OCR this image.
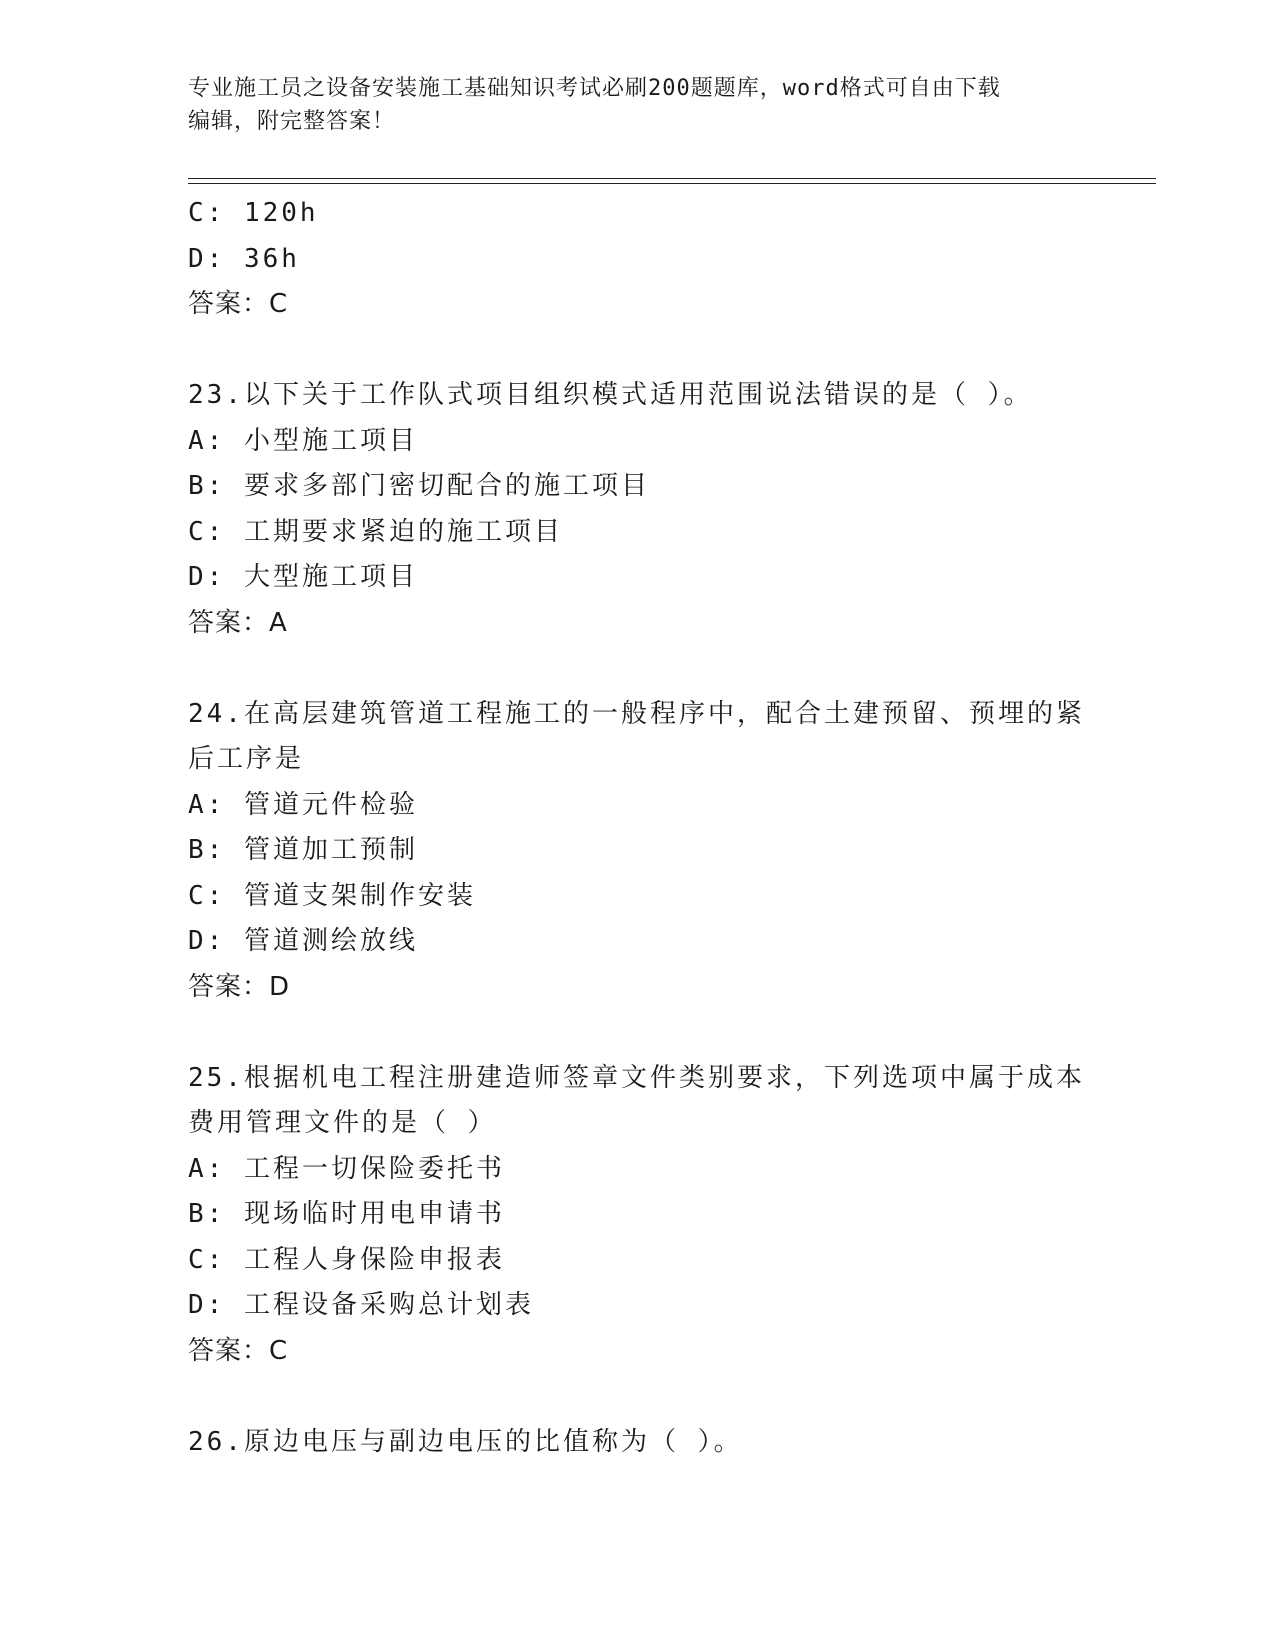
专业施工员之设备安装施工基础知识考试必刷200题题库，word格式可自由下载
编辑，附完整答案！
C: 120h
D: 36h
答案：C
23.以下关于工作队式项目组织模式适用范围说法错误的是（ ）。
A: 小型施工项目
B: 要求多部门密切配合的施工项目
C: 工期要求紧迫的施工项目
D: 大型施工项目
答案：A
24.在高层建筑管道工程施工的一般程序中，配合土建预留、预埋的紧
后工序是
A: 管道元件检验
B: 管道加工预制
C: 管道支架制作安装
D: 管道测绘放线
答案：D
25.根据机电工程注册建造师签章文件类别要求，下列选项中属于成本
费用管理文件的是（ ）
A: 工程一切保险委托书
B: 现场临时用电申请书
C: 工程人身保险申报表
D: 工程设备采购总计划表
答案：C
26.原边电压与副边电压的比值称为（ ）。
